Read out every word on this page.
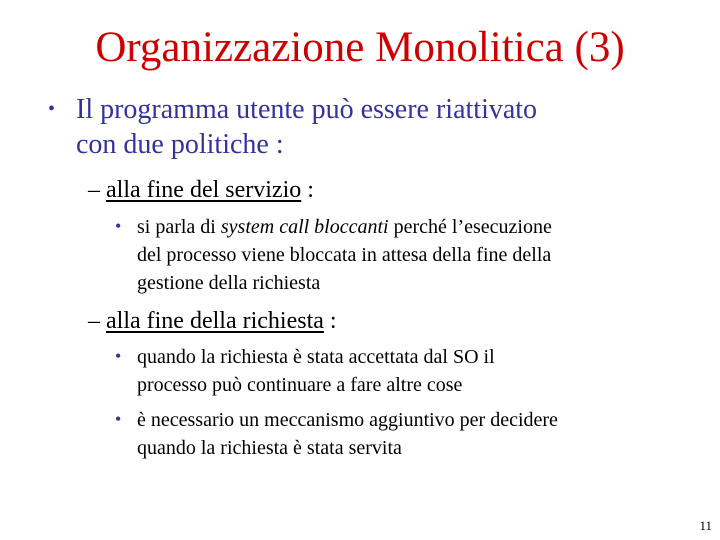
Organizzazione Monolitica (3)
• Il programma utente può essere riattivato
con due politiche :
– alla fine del servizio :
• si parla di system call bloccanti perché l’esecuzione
del processo viene bloccata in attesa della fine della
gestione della richiesta
– alla fine della richiesta :
• quando la richiesta è stata accettata dal SO il
processo può continuare a fare altre cose
• è necessario un meccanismo aggiuntivo per decidere
quando la richiesta è stata servita
11
